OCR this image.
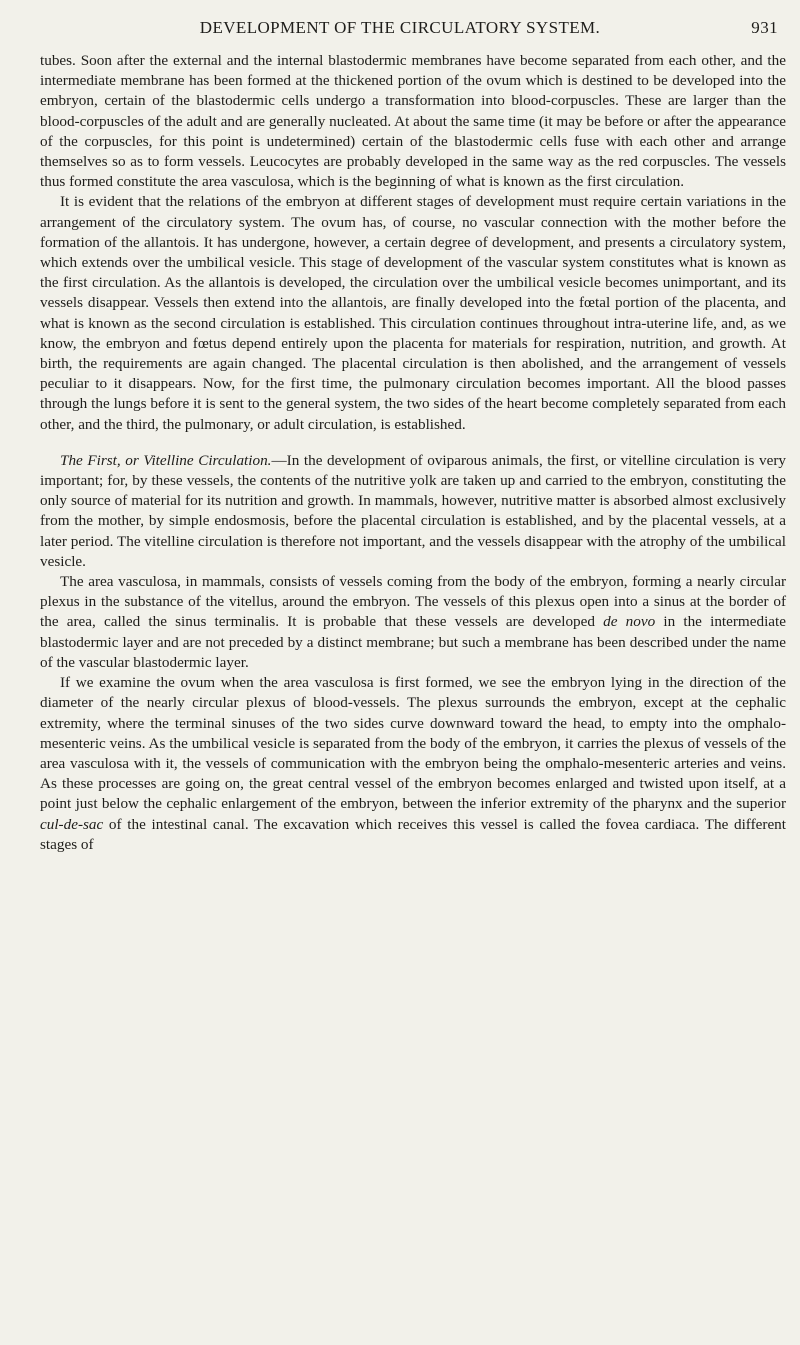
DEVELOPMENT OF THE CIRCULATORY SYSTEM.	931

tubes. Soon after the external and the internal blastodermic membranes have become separated from each other, and the intermediate membrane has been formed at the thickened portion of the ovum which is destined to be developed into the embryon, certain of the blastodermic cells undergo a transformation into blood-corpuscles. These are larger than the blood-corpuscles of the adult and are generally nucleated. At about the same time (it may be before or after the appearance of the corpuscles, for this point is undetermined) certain of the blastodermic cells fuse with each other and arrange themselves so as to form vessels. Leucocytes are probably developed in the same way as the red corpuscles. The vessels thus formed constitute the area vasculosa, which is the beginning of what is known as the first circulation.

It is evident that the relations of the embryon at different stages of development must require certain variations in the arrangement of the circulatory system. The ovum has, of course, no vascular connection with the mother before the formation of the allantois. It has undergone, however, a certain degree of development, and presents a circulatory system, which extends over the umbilical vesicle. This stage of development of the vascular system constitutes what is known as the first circulation. As the allantois is developed, the circulation over the umbilical vesicle becomes unimportant, and its vessels disappear. Vessels then extend into the allantois, are finally developed into the fœtal portion of the placenta, and what is known as the second circulation is established. This circulation continues throughout intra-uterine life, and, as we know, the embryon and fœtus depend entirely upon the placenta for materials for respiration, nutrition, and growth. At birth, the requirements are again changed. The placental circulation is then abolished, and the arrangement of vessels peculiar to it disappears. Now, for the first time, the pulmonary circulation becomes important. All the blood passes through the lungs before it is sent to the general system, the two sides of the heart become completely separated from each other, and the third, the pulmonary, or adult circulation, is established.

The First, or Vitelline Circulation.—In the development of oviparous animals, the first, or vitelline circulation is very important; for, by these vessels, the contents of the nutritive yolk are taken up and carried to the embryon, constituting the only source of material for its nutrition and growth. In mammals, however, nutritive matter is absorbed almost exclusively from the mother, by simple endosmosis, before the placental circulation is established, and by the placental vessels, at a later period. The vitelline circulation is therefore not important, and the vessels disappear with the atrophy of the umbilical vesicle.

The area vasculosa, in mammals, consists of vessels coming from the body of the embryon, forming a nearly circular plexus in the substance of the vitellus, around the embryon. The vessels of this plexus open into a sinus at the border of the area, called the sinus terminalis. It is probable that these vessels are developed de novo in the intermediate blastodermic layer and are not preceded by a distinct membrane; but such a membrane has been described under the name of the vascular blastodermic layer.

If we examine the ovum when the area vasculosa is first formed, we see the embryon lying in the direction of the diameter of the nearly circular plexus of blood-vessels. The plexus surrounds the embryon, except at the cephalic extremity, where the terminal sinuses of the two sides curve downward toward the head, to empty into the omphalo-mesenteric veins. As the umbilical vesicle is separated from the body of the embryon, it carries the plexus of vessels of the area vasculosa with it, the vessels of communication with the embryon being the omphalo-mesenteric arteries and veins. As these processes are going on, the great central vessel of the embryon becomes enlarged and twisted upon itself, at a point just below the cephalic enlargement of the embryon, between the inferior extremity of the pharynx and the superior cul-de-sac of the intestinal canal. The excavation which receives this vessel is called the fovea cardiaca. The different stages of
